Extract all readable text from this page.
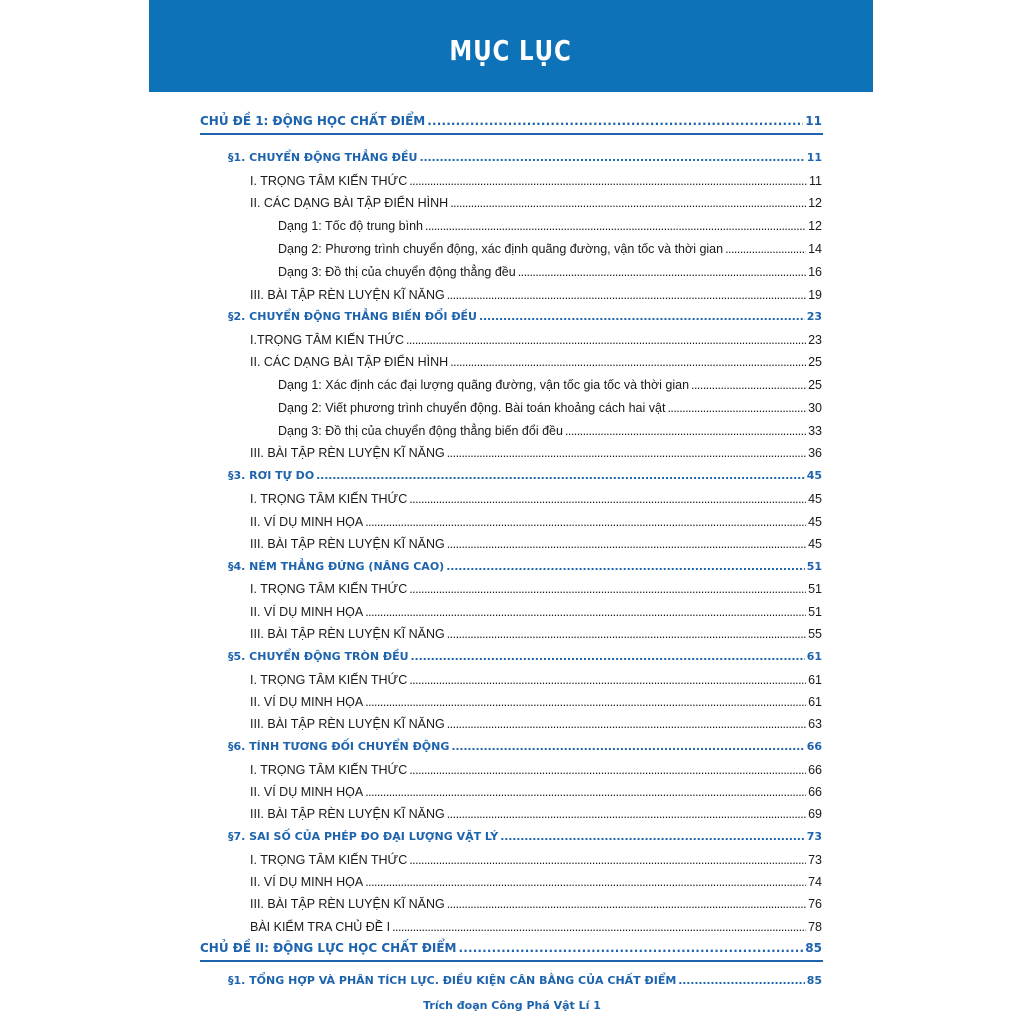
MỤC LỤC
CHỦ ĐỀ 1: ĐỘNG HỌC CHẤT ĐIỂM . . .	11
§1. CHUYỂN ĐỘNG THẲNG ĐỀU . . .	11
I. TRỌNG TÂM KIẾN THỨC . . .	11
II. CÁC DẠNG BÀI TẬP ĐIỂN HÌNH . . .	12
Dạng 1: Tốc độ trung bình . . .	12
Dạng 2: Phương trình chuyển động, xác định quãng đường, vận tốc và thời gian . . .	14
Dạng 3: Đồ thị của chuyển động thẳng đều . . .	16
III. BÀI TẬP RÈN LUYỆN KĨ NĂNG . . .	19
§2. CHUYỂN ĐỘNG THẲNG BIẾN ĐỔI ĐỀU . . .	23
I.TRỌNG TÂM KIẾN THỨC . . .	23
II. CÁC DẠNG BÀI TẬP ĐIỂN HÌNH . . .	25
Dạng 1: Xác định các đại lượng quãng đường, vận tốc gia tốc và thời gian . . .	25
Dạng 2: Viết phương trình chuyển động. Bài toán khoảng cách hai vật . . .	30
Dạng 3: Đồ thị của chuyển động thẳng biến đổi đều . . .	33
III. BÀI TẬP RÈN LUYỆN KĨ NĂNG . . .	36
§3. RƠI TỰ DO . . .	45
I. TRỌNG TÂM KIẾN THỨC . . .	45
II. VÍ DỤ MINH HỌA . . .	45
III. BÀI TẬP RÈN LUYỆN KĨ NĂNG . . .	45
§4. NÉM THẲNG ĐỨNG (NÂNG CAO) . . .	51
I. TRỌNG TÂM KIẾN THỨC . . .	51
II. VÍ DỤ MINH HỌA . . .	51
III. BÀI TẬP RÈN LUYỆN KĨ NĂNG . . .	55
§5. CHUYỂN ĐỘNG TRÒN ĐỀU . . .	61
I. TRỌNG TÂM KIẾN THỨC . . .	61
II. VÍ DỤ MINH HỌA . . .	61
III. BÀI TẬP RÈN LUYỆN KĨ NĂNG . . .	63
§6. TÍNH TƯƠNG ĐỐI CHUYỂN ĐỘNG . . .	66
I. TRỌNG TÂM KIẾN THỨC . . .	66
II. VÍ DỤ MINH HỌA . . .	66
III. BÀI TẬP RÈN LUYỆN KĨ NĂNG . . .	69
§7. SAI SỐ CỦA PHÉP ĐO ĐẠI LƯỢNG VẬT LÝ . . .	73
I. TRỌNG TÂM KIẾN THỨC . . .	73
II. VÍ DỤ MINH HỌA . . .	74
III. BÀI TẬP RÈN LUYỆN KĨ NĂNG . . .	76
BÀI KIỂM TRA CHỦ ĐỀ I . . .	78
CHỦ ĐỀ II: ĐỘNG LỰC HỌC CHẤT ĐIỂM . . .	85
§1. TỔNG HỢP VÀ PHÂN TÍCH LỰC. ĐIỀU KIỆN CÂN BẰNG CỦA CHẤT ĐIỂM . . .	85
Trích đoạn Công Phá Vật Lí 1
